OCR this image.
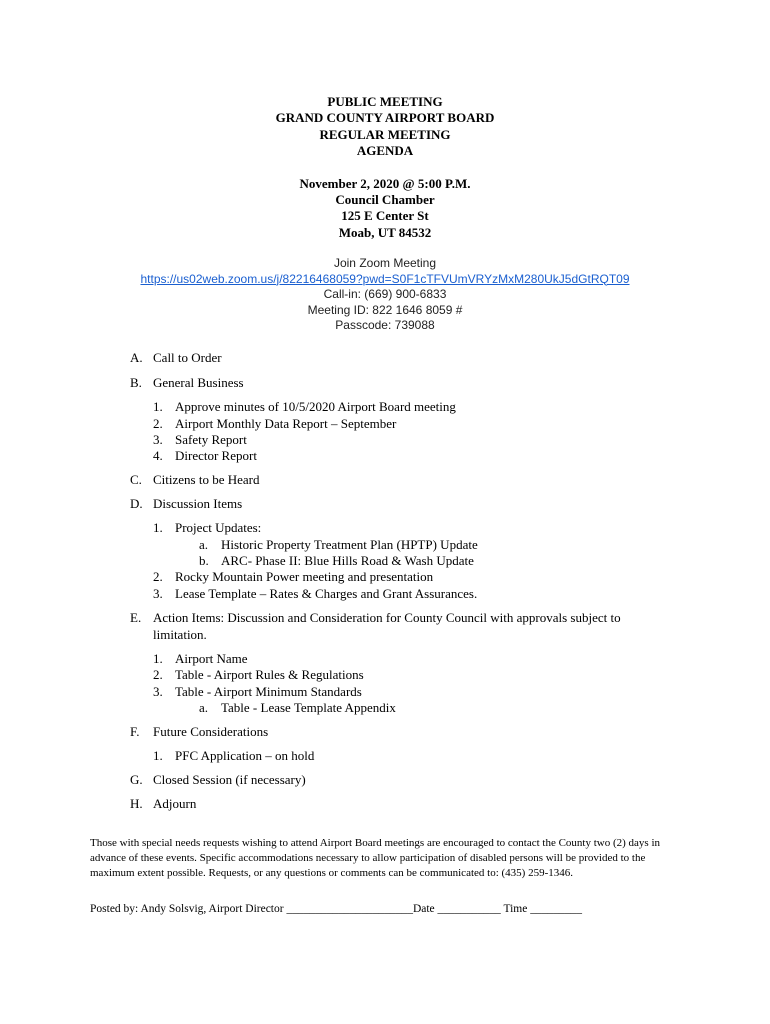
PUBLIC MEETING
GRAND COUNTY AIRPORT BOARD
REGULAR MEETING
AGENDA
November 2, 2020 @ 5:00 P.M.
Council Chamber
125 E Center St
Moab, UT 84532
Join Zoom Meeting
https://us02web.zoom.us/j/82216468059?pwd=S0F1cTFVUmVRYzMxM280UkJ5dGtRQT09
Call-in: (669) 900-6833
Meeting ID: 822 1646 8059 #
Passcode: 739088
A. Call to Order
B. General Business
1. Approve minutes of 10/5/2020 Airport Board meeting
2. Airport Monthly Data Report – September
3. Safety Report
4. Director Report
C. Citizens to be Heard
D. Discussion Items
1. Project Updates:
a. Historic Property Treatment Plan (HPTP) Update
b. ARC- Phase II: Blue Hills Road & Wash Update
2. Rocky Mountain Power meeting and presentation
3. Lease Template – Rates & Charges and Grant Assurances.
E. Action Items: Discussion and Consideration for County Council with approvals subject to
limitation.
1. Airport Name
2. Table - Airport Rules & Regulations
3. Table - Airport Minimum Standards
a. Table - Lease Template Appendix
F. Future Considerations
1. PFC Application – on hold
G. Closed Session (if necessary)
H. Adjourn
Those with special needs requests wishing to attend Airport Board meetings are encouraged to contact the County two (2) days in advance of these events. Specific accommodations necessary to allow participation of disabled persons will be provided to the maximum extent possible. Requests, or any questions or comments can be communicated to: (435) 259-1346.
Posted by: Andy Solsvig, Airport Director ______________________Date ___________ Time _________
